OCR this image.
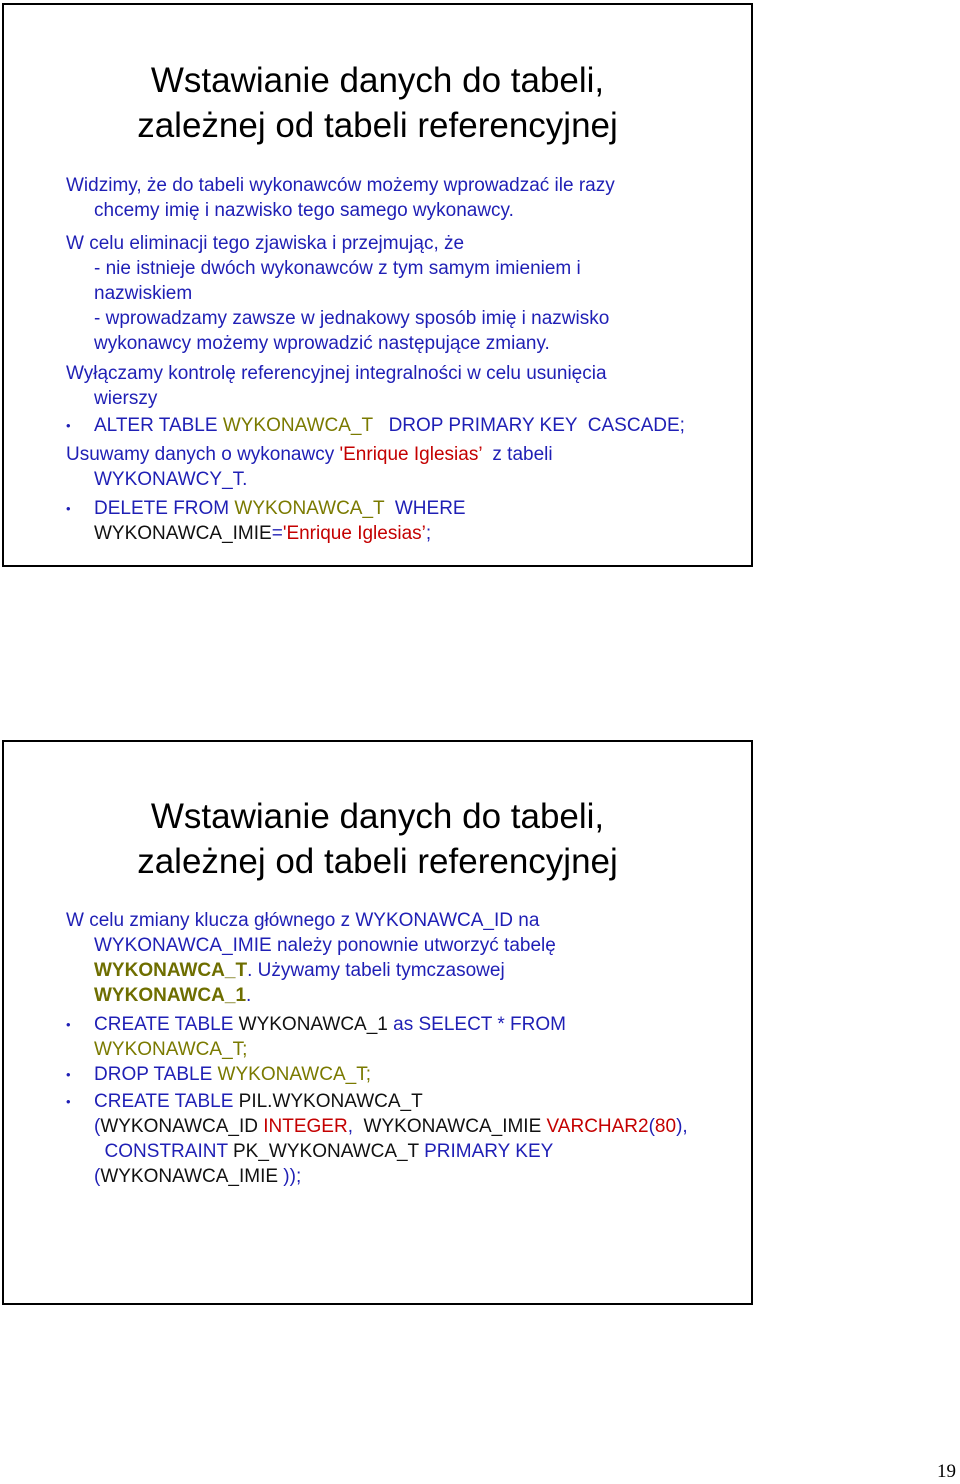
Wstawianie danych do tabeli,
zależnej od tabeli referencyjnej
Widzimy, że do tabeli wykonawców możemy wprowadzać ile razy
chcemy imię i nazwisko tego samego wykonawcy.
W celu eliminacji tego zjawiska i przejmując, że
- nie istnieje dwóch wykonawców z tym samym imieniem i
nazwiskiem
- wprowadzamy zawsze w jednakowy sposób imię i nazwisko
wykonawcy możemy wprowadzić następujące zmiany.
Wyłączamy kontrolę referencyjnej integralności w celu usunięcia
wierszy
• ALTER TABLE WYKONAWCA_T   DROP PRIMARY KEY  CASCADE;
Usuwamy danych o wykonawcy 'Enrique Iglesias’  z tabeli
WYKONAWCY_T.
• DELETE FROM WYKONAWCA_T  WHERE
WYKONAWCA_IMIE='Enrique Iglesias’;
Wstawianie danych do tabeli,
zależnej od tabeli referencyjnej
W celu zmiany klucza głównego z WYKONAWCA_ID na
WYKONAWCA_IMIE należy ponownie utworzyć tabelę
WYKONAWCA_T. Używamy tabeli tymczasowej
WYKONAWCA_1.
• CREATE TABLE WYKONAWCA_1 as SELECT * FROM
WYKONAWCA_T;
• DROP TABLE WYKONAWCA_T;
• CREATE TABLE PIL.WYKONAWCA_T
(WYKONAWCA_ID INTEGER,  WYKONAWCA_IMIE VARCHAR2(80),
CONSTRAINT PK_WYKONAWCA_T PRIMARY KEY
(WYKONAWCA_IMIE ));
19
